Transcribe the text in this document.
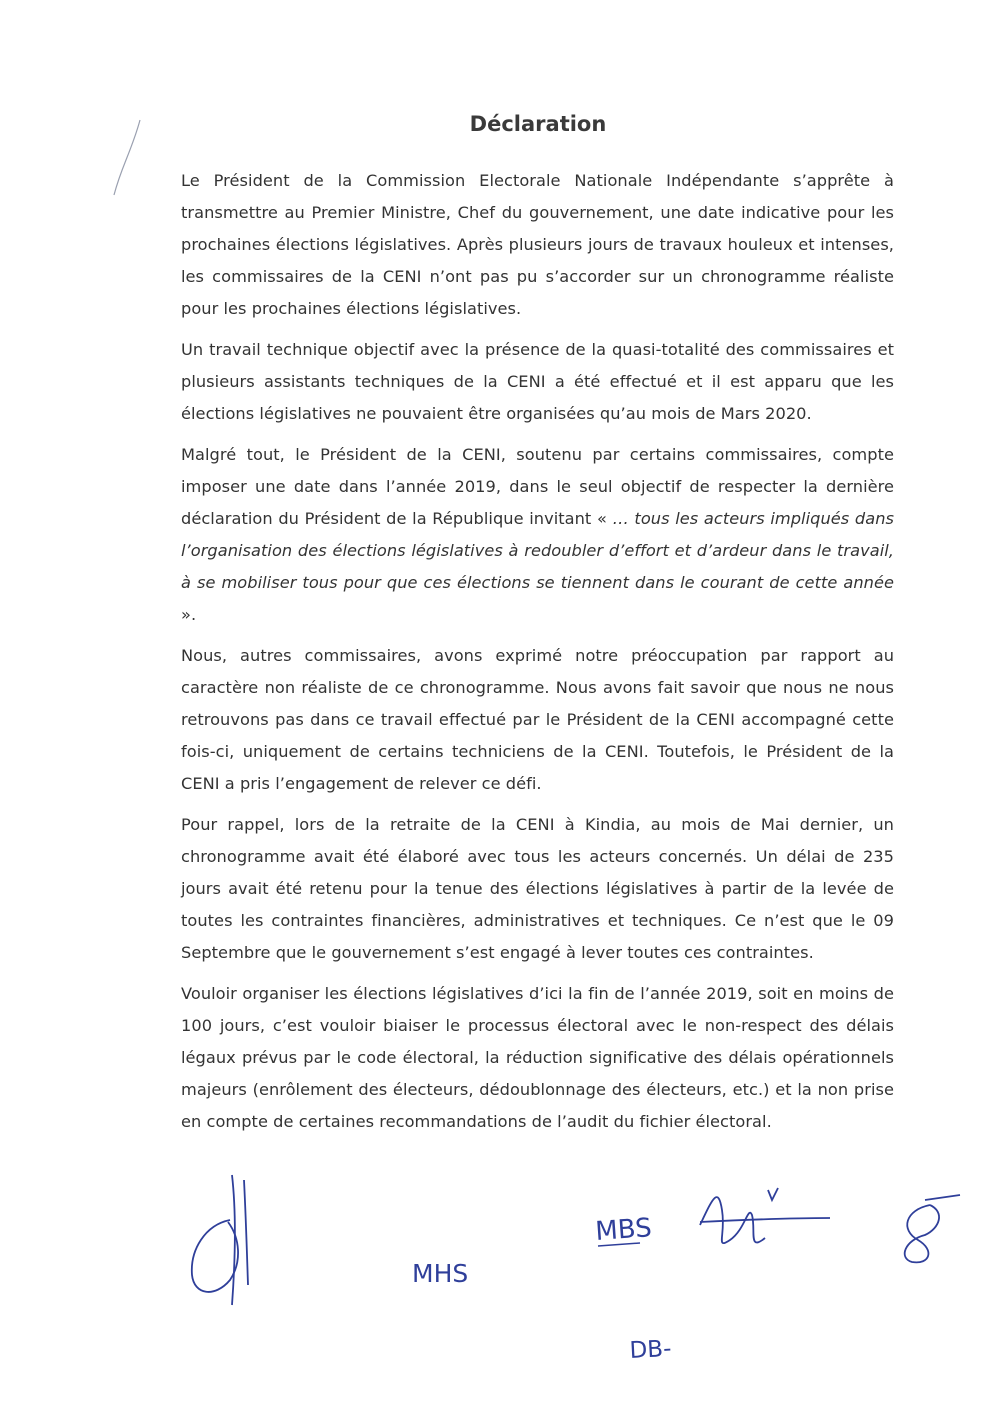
Déclaration

Le Président de la Commission Electorale Nationale Indépendante s’apprête à transmettre au Premier Ministre, Chef du gouvernement, une date indicative pour les prochaines élections législatives. Après plusieurs jours de travaux houleux et intenses, les commissaires de la CENI n’ont pas pu s’accorder sur un chronogramme réaliste pour les prochaines élections législatives.

Un travail technique objectif avec la présence de la quasi-totalité des commissaires et plusieurs assistants techniques de la CENI a été effectué et il est apparu que les élections législatives ne pouvaient être organisées qu’au mois de Mars 2020.

Malgré tout, le Président de la CENI, soutenu par certains commissaires, compte imposer une date dans l’année 2019, dans le seul objectif de respecter la dernière déclaration du Président de la République invitant « … tous les acteurs impliqués dans l’organisation des élections législatives à redoubler d’effort et d’ardeur dans le travail, à se mobiliser tous pour que ces élections se tiennent dans le courant de cette année ».

Nous, autres commissaires, avons exprimé notre préoccupation par rapport au caractère non réaliste de ce chronogramme. Nous avons fait savoir que nous ne nous retrouvons pas dans ce travail effectué par le Président de la CENI accompagné cette fois-ci, uniquement de certains techniciens de la CENI. Toutefois, le Président de la CENI a pris l’engagement de relever ce défi.

Pour rappel, lors de la retraite de la CENI à Kindia, au mois de Mai dernier, un chronogramme avait été élaboré avec tous les acteurs concernés. Un délai de 235 jours avait été retenu pour la tenue des élections législatives à partir de la levée de toutes les contraintes financières, administratives et techniques. Ce n’est que le 09 Septembre que le gouvernement s’est engagé à lever toutes ces contraintes.

Vouloir organiser les élections législatives d’ici la fin de l’année 2019, soit en moins de 100 jours, c’est vouloir biaiser le processus électoral avec le non-respect des délais légaux prévus par le code électoral, la réduction significative des délais opérationnels majeurs (enrôlement des électeurs, dédoublonnage des électeurs, etc.) et la non prise en compte de certaines recommandations de l’audit du fichier électoral.

MHS
MBS
DB-
